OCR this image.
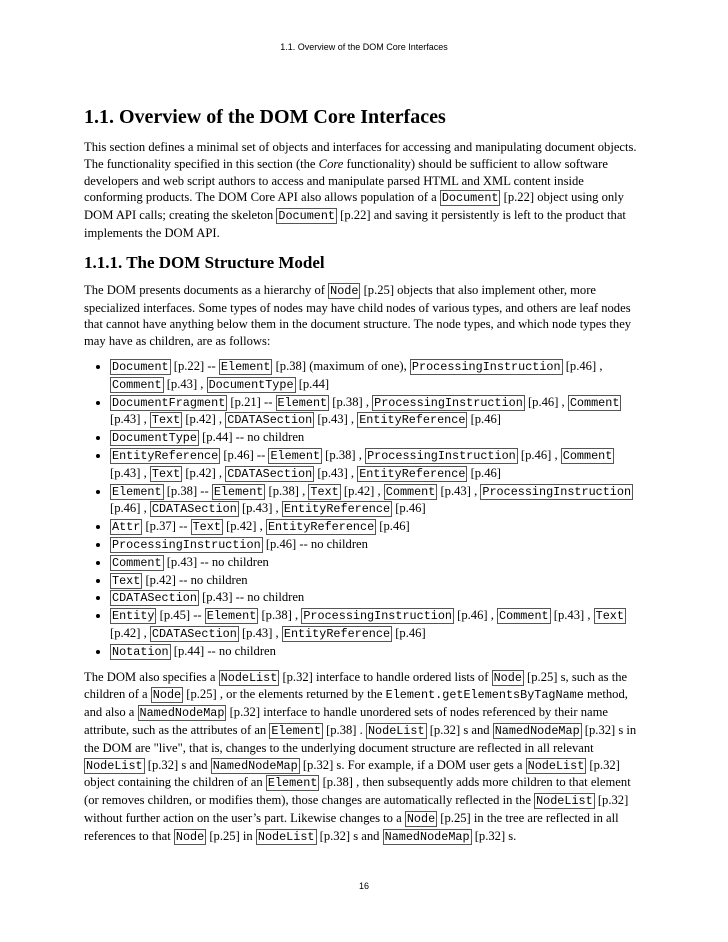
1.1. Overview of the DOM Core Interfaces
1.1. Overview of the DOM Core Interfaces

This section defines a minimal set of objects and interfaces for accessing and manipulating document objects. The functionality specified in this section (the Core functionality) should be sufficient to allow software developers and web script authors to access and manipulate parsed HTML and XML content inside conforming products. The DOM Core API also allows population of a Document [p.22] object using only DOM API calls; creating the skeleton Document [p.22] and saving it persistently is left to the product that implements the DOM API.

1.1.1. The DOM Structure Model

The DOM presents documents as a hierarchy of Node [p.25] objects that also implement other, more specialized interfaces. Some types of nodes may have child nodes of various types, and others are leaf nodes that cannot have anything below them in the document structure. The node types, and which node types they may have as children, are as follows:

• Document [p.22] -- Element [p.38] (maximum of one), ProcessingInstruction [p.46] , Comment [p.43] , DocumentType [p.44]
• DocumentFragment [p.21] -- Element [p.38] , ProcessingInstruction [p.46] , Comment [p.43] , Text [p.42] , CDATASection [p.43] , EntityReference [p.46]
• DocumentType [p.44] -- no children
• EntityReference [p.46] -- Element [p.38] , ProcessingInstruction [p.46] , Comment [p.43] , Text [p.42] , CDATASection [p.43] , EntityReference [p.46]
• Element [p.38] -- Element [p.38] , Text [p.42] , Comment [p.43] , ProcessingInstruction [p.46] , CDATASection [p.43] , EntityReference [p.46]
• Attr [p.37] -- Text [p.42] , EntityReference [p.46]
• ProcessingInstruction [p.46] -- no children
• Comment [p.43] -- no children
• Text [p.42] -- no children
• CDATASection [p.43] -- no children
• Entity [p.45] -- Element [p.38] , ProcessingInstruction [p.46] , Comment [p.43] , Text [p.42] , CDATASection [p.43] , EntityReference [p.46]
• Notation [p.44] -- no children

The DOM also specifies a NodeList [p.32] interface to handle ordered lists of Node [p.25] s, such as the children of a Node [p.25] , or the elements returned by the Element.getElementsByTagName method, and also a NamedNodeMap [p.32] interface to handle unordered sets of nodes referenced by their name attribute, such as the attributes of an Element [p.38] . NodeList [p.32] s and NamedNodeMap [p.32] s in the DOM are "live", that is, changes to the underlying document structure are reflected in all relevant NodeList [p.32] s and NamedNodeMap [p.32] s. For example, if a DOM user gets a NodeList [p.32] object containing the children of an Element [p.38] , then subsequently adds more children to that element (or removes children, or modifies them), those changes are automatically reflected in the NodeList [p.32] without further action on the user’s part. Likewise changes to a Node [p.25] in the tree are reflected in all references to that Node [p.25] in NodeList [p.32] s and NamedNodeMap [p.32] s.

16
